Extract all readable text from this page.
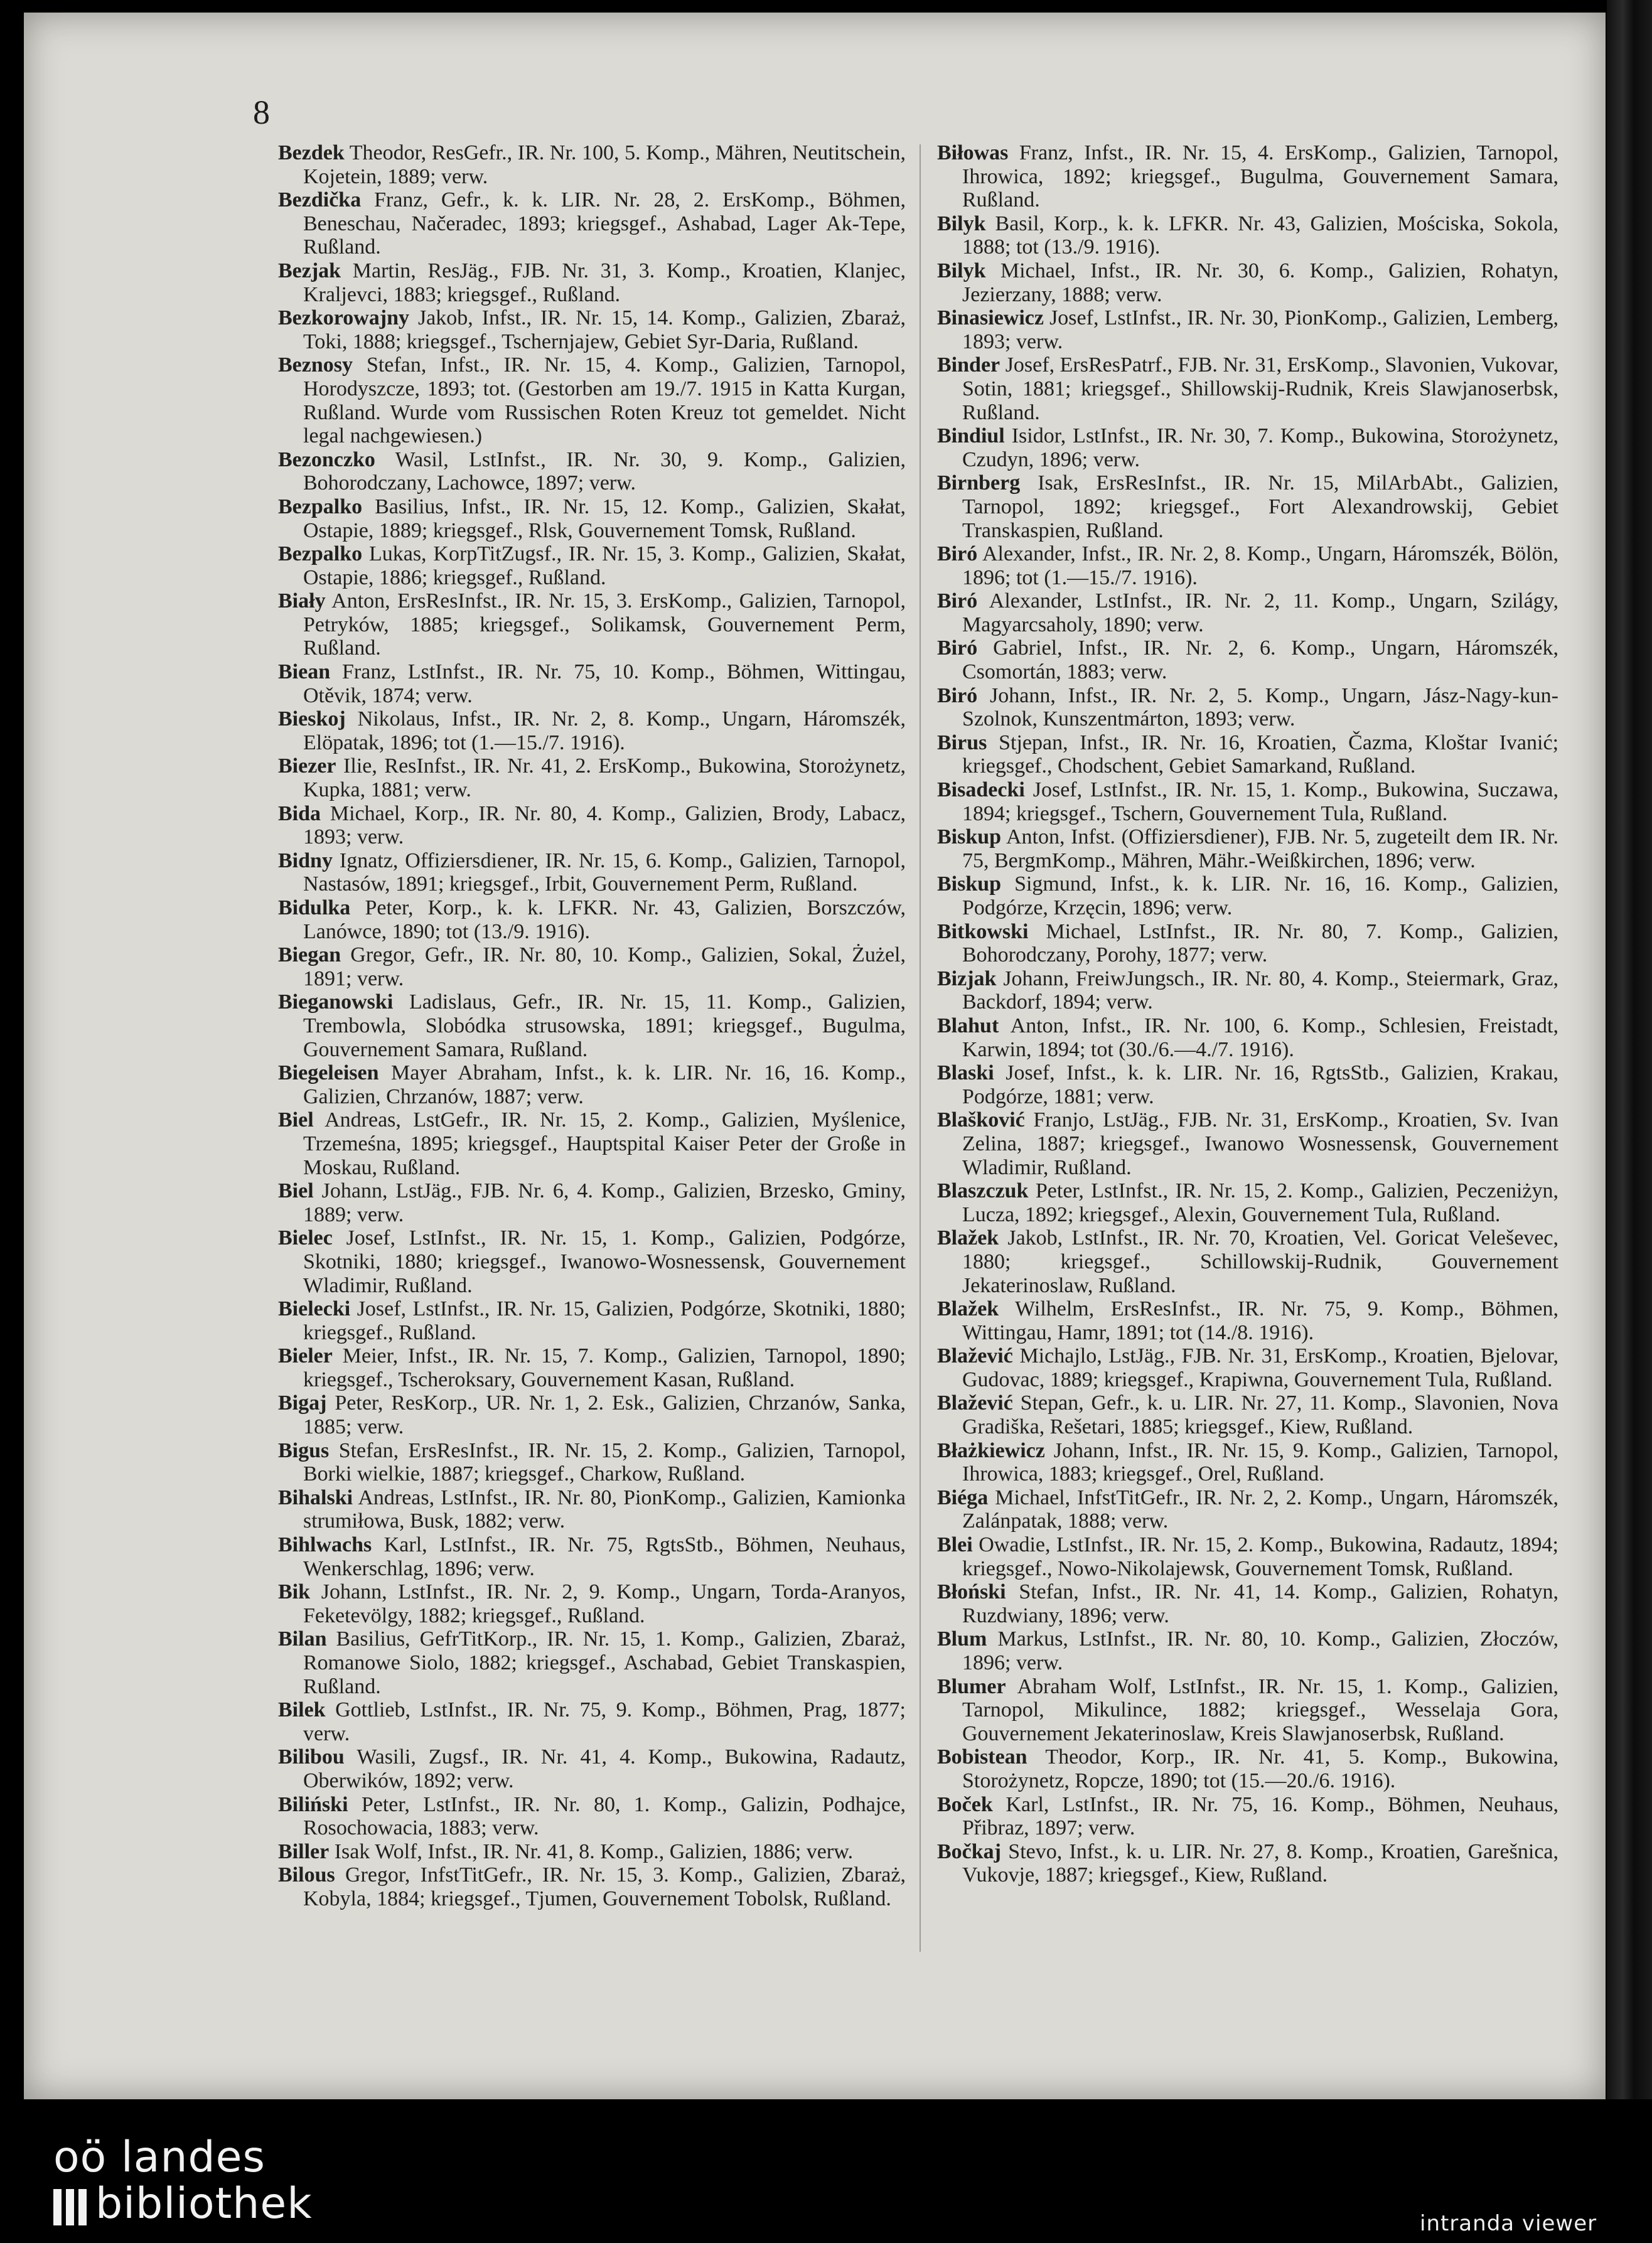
8

Bezdek Theodor, ResGefr., IR. Nr. 100, 5. Komp., Mähren, Neutitschein, Kojetein, 1889; verw.

Bezdička Franz, Gefr., k. k. LIR. Nr. 28, 2. ErsKomp., Böhmen, Beneschau, Načeradec, 1893; kriegsgef., Ashabad, Lager Ak-Tepe, Rußland.

Bezjak Martin, ResJäg., FJB. Nr. 31, 3. Komp., Kroatien, Klanjec, Kraljevci, 1883; kriegsgef., Rußland.

Bezkorowajny Jakob, Infst., IR. Nr. 15, 14. Komp., Galizien, Zbaraż, Toki, 1888; kriegsgef., Tschernjajew, Gebiet Syr-Daria, Rußland.

Beznosy Stefan, Infst., IR. Nr. 15, 4. Komp., Galizien, Tarnopol, Horodyszcze, 1893; tot. (Gestorben am 19./7. 1915 in Katta Kurgan, Rußland. Wurde vom Russischen Roten Kreuz tot gemeldet. Nicht legal nachgewiesen.)

Bezonczko Wasil, LstInfst., IR. Nr. 30, 9. Komp., Galizien, Bohorodczany, Lachowce, 1897; verw.

Bezpalko Basilius, Infst., IR. Nr. 15, 12. Komp., Galizien, Skałat, Ostapie, 1889; kriegsgef., Rlsk, Gouvernement Tomsk, Rußland.

Bezpalko Lukas, KorpTitZugsf., IR. Nr. 15, 3. Komp., Galizien, Skałat, Ostapie, 1886; kriegsgef., Rußland.

Biały Anton, ErsResInfst., IR. Nr. 15, 3. ErsKomp., Galizien, Tarnopol, Petryków, 1885; kriegsgef., Solikamsk, Gouvernement Perm, Rußland.

Biean Franz, LstInfst., IR. Nr. 75, 10. Komp., Böhmen, Wittingau, Otěvik, 1874; verw.

Bieskoj Nikolaus, Infst., IR. Nr. 2, 8. Komp., Ungarn, Háromszék, Elöpatak, 1896; tot (1.—15./7. 1916).

Biezer Ilie, ResInfst., IR. Nr. 41, 2. ErsKomp., Bukowina, Storożynetz, Kupka, 1881; verw.

Bida Michael, Korp., IR. Nr. 80, 4. Komp., Galizien, Brody, Labacz, 1893; verw.

Bidny Ignatz, Offiziersdiener, IR. Nr. 15, 6. Komp., Galizien, Tarnopol, Nastasów, 1891; kriegsgef., Irbit, Gouvernement Perm, Rußland.

Bidulka Peter, Korp., k. k. LFKR. Nr. 43, Galizien, Borszczów, Lanówce, 1890; tot (13./9. 1916).

Biegan Gregor, Gefr., IR. Nr. 80, 10. Komp., Galizien, Sokal, Żużel, 1891; verw.

Bieganowski Ladislaus, Gefr., IR. Nr. 15, 11. Komp., Galizien, Trembowla, Slobódka strusowska, 1891; kriegsgef., Bugulma, Gouvernement Samara, Rußland.

Biegeleisen Mayer Abraham, Infst., k. k. LIR. Nr. 16, 16. Komp., Galizien, Chrzanów, 1887; verw.

Biel Andreas, LstGefr., IR. Nr. 15, 2. Komp., Galizien, Myślenice, Trzemeśna, 1895; kriegsgef., Hauptspital Kaiser Peter der Große in Moskau, Rußland.

Biel Johann, LstJäg., FJB. Nr. 6, 4. Komp., Galizien, Brzesko, Gminy, 1889; verw.

Bielec Josef, LstInfst., IR. Nr. 15, 1. Komp., Galizien, Podgórze, Skotniki, 1880; kriegsgef., Iwanowo-Wosnessensk, Gouvernement Wladimir, Rußland.

Bielecki Josef, LstInfst., IR. Nr. 15, Galizien, Podgórze, Skotniki, 1880; kriegsgef., Rußland.

Bieler Meier, Infst., IR. Nr. 15, 7. Komp., Galizien, Tarnopol, 1890; kriegsgef., Tscheroksary, Gouvernement Kasan, Rußland.

Bigaj Peter, ResKorp., UR. Nr. 1, 2. Esk., Galizien, Chrzanów, Sanka, 1885; verw.

Bigus Stefan, ErsResInfst., IR. Nr. 15, 2. Komp., Galizien, Tarnopol, Borki wielkie, 1887; kriegsgef., Charkow, Rußland.

Bihalski Andreas, LstInfst., IR. Nr. 80, PionKomp., Galizien, Kamionka strumiłowa, Busk, 1882; verw.

Bihlwachs Karl, LstInfst., IR. Nr. 75, RgtsStb., Böhmen, Neuhaus, Wenkerschlag, 1896; verw.

Bik Johann, LstInfst., IR. Nr. 2, 9. Komp., Ungarn, Torda-Aranyos, Feketevölgy, 1882; kriegsgef., Rußland.

Bilan Basilius, GefrTitKorp., IR. Nr. 15, 1. Komp., Galizien, Zbaraż, Romanowe Siolo, 1882; kriegsgef., Aschabad, Gebiet Transkaspien, Rußland.

Bilek Gottlieb, LstInfst., IR. Nr. 75, 9. Komp., Böhmen, Prag, 1877; verw.

Bilibou Wasili, Zugsf., IR. Nr. 41, 4. Komp., Bukowina, Radautz, Oberwików, 1892; verw.

Biliński Peter, LstInfst., IR. Nr. 80, 1. Komp., Galizin, Podhajce, Rosochowacia, 1883; verw.

Biller Isak Wolf, Infst., IR. Nr. 41, 8. Komp., Galizien, 1886; verw.

Bilous Gregor, InfstTitGefr., IR. Nr. 15, 3. Komp., Galizien, Zbaraż, Kobyla, 1884; kriegsgef., Tjumen, Gouvernement Tobolsk, Rußland.

Biłowas Franz, Infst., IR. Nr. 15, 4. ErsKomp., Galizien, Tarnopol, Ihrowica, 1892; kriegsgef., Bugulma, Gouvernement Samara, Rußland.

Bilyk Basil, Korp., k. k. LFKR. Nr. 43, Galizien, Mościska, Sokola, 1888; tot (13./9. 1916).

Bilyk Michael, Infst., IR. Nr. 30, 6. Komp., Galizien, Rohatyn, Jezierzany, 1888; verw.

Binasiewicz Josef, LstInfst., IR. Nr. 30, PionKomp., Galizien, Lemberg, 1893; verw.

Binder Josef, ErsResPatrf., FJB. Nr. 31, ErsKomp., Slavonien, Vukovar, Sotin, 1881; kriegsgef., Shillowskij-Rudnik, Kreis Slawjanoserbsk, Rußland.

Bindiul Isidor, LstInfst., IR. Nr. 30, 7. Komp., Bukowina, Storożynetz, Czudyn, 1896; verw.

Birnberg Isak, ErsResInfst., IR. Nr. 15, MilArbAbt., Galizien, Tarnopol, 1892; kriegsgef., Fort Alexandrowskij, Gebiet Transkaspien, Rußland.

Biró Alexander, Infst., IR. Nr. 2, 8. Komp., Ungarn, Háromszék, Bölön, 1896; tot (1.—15./7. 1916).

Biró Alexander, LstInfst., IR. Nr. 2, 11. Komp., Ungarn, Szilágy, Magyarcsaholy, 1890; verw.

Biró Gabriel, Infst., IR. Nr. 2, 6. Komp., Ungarn, Háromszék, Csomortán, 1883; verw.

Biró Johann, Infst., IR. Nr. 2, 5. Komp., Ungarn, Jász-Nagy-kun-Szolnok, Kunszentmárton, 1893; verw.

Birus Stjepan, Infst., IR. Nr. 16, Kroatien, Čazma, Kloštar Ivanić; kriegsgef., Chodschent, Gebiet Samarkand, Rußland.

Bisadecki Josef, LstInfst., IR. Nr. 15, 1. Komp., Bukowina, Suczawa, 1894; kriegsgef., Tschern, Gouvernement Tula, Rußland.

Biskup Anton, Infst. (Offiziersdiener), FJB. Nr. 5, zugeteilt dem IR. Nr. 75, BergmKomp., Mähren, Mähr.-Weißkirchen, 1896; verw.

Biskup Sigmund, Infst., k. k. LIR. Nr. 16, 16. Komp., Galizien, Podgórze, Krzęcin, 1896; verw.

Bitkowski Michael, LstInfst., IR. Nr. 80, 7. Komp., Galizien, Bohorodczany, Porohy, 1877; verw.

Bizjak Johann, FreiwJungsch., IR. Nr. 80, 4. Komp., Steiermark, Graz, Backdorf, 1894; verw.

Blahut Anton, Infst., IR. Nr. 100, 6. Komp., Schlesien, Freistadt, Karwin, 1894; tot (30./6.—4./7. 1916).

Blaski Josef, Infst., k. k. LIR. Nr. 16, RgtsStb., Galizien, Krakau, Podgórze, 1881; verw.

Blašković Franjo, LstJäg., FJB. Nr. 31, ErsKomp., Kroatien, Sv. Ivan Zelina, 1887; kriegsgef., Iwanowo Wosnessensk, Gouvernement Wladimir, Rußland.

Blaszczuk Peter, LstInfst., IR. Nr. 15, 2. Komp., Galizien, Peczeniżyn, Lucza, 1892; kriegsgef., Alexin, Gouvernement Tula, Rußland.

Blažek Jakob, LstInfst., IR. Nr. 70, Kroatien, Vel. Goricat Veleševec, 1880; kriegsgef., Schillowskij-Rudnik, Gouvernement Jekaterinoslaw, Rußland.

Blažek Wilhelm, ErsResInfst., IR. Nr. 75, 9. Komp., Böhmen, Wittingau, Hamr, 1891; tot (14./8. 1916).

Blažević Michajlo, LstJäg., FJB. Nr. 31, ErsKomp., Kroatien, Bjelovar, Gudovac, 1889; kriegsgef., Krapiwna, Gouvernement Tula, Rußland.

Blažević Stepan, Gefr., k. u. LIR. Nr. 27, 11. Komp., Slavonien, Nova Gradiška, Rešetari, 1885; kriegsgef., Kiew, Rußland.

Błażkiewicz Johann, Infst., IR. Nr. 15, 9. Komp., Galizien, Tarnopol, Ihrowica, 1883; kriegsgef., Orel, Rußland.

Biéga Michael, InfstTitGefr., IR. Nr. 2, 2. Komp., Ungarn, Háromszék, Zalánpatak, 1888; verw.

Blei Owadie, LstInfst., IR. Nr. 15, 2. Komp., Bukowina, Radautz, 1894; kriegsgef., Nowo-Nikolajewsk, Gouvernement Tomsk, Rußland.

Błoński Stefan, Infst., IR. Nr. 41, 14. Komp., Galizien, Rohatyn, Ruzdwiany, 1896; verw.

Blum Markus, LstInfst., IR. Nr. 80, 10. Komp., Galizien, Złoczów, 1896; verw.

Blumer Abraham Wolf, LstInfst., IR. Nr. 15, 1. Komp., Galizien, Tarnopol, Mikulince, 1882; kriegsgef., Wesselaja Gora, Gouvernement Jekaterinoslaw, Kreis Slawjanoserbsk, Rußland.

Bobistean Theodor, Korp., IR. Nr. 41, 5. Komp., Bukowina, Storożynetz, Ropcze, 1890; tot (15.—20./6. 1916).

Boček Karl, LstInfst., IR. Nr. 75, 16. Komp., Böhmen, Neuhaus, Přibraz, 1897; verw.

Bočkaj Stevo, Infst., k. u. LIR. Nr. 27, 8. Komp., Kroatien, Garešnica, Vukovje, 1887; kriegsgef., Kiew, Rußland.

oö landes
bibliothek	intranda viewer
